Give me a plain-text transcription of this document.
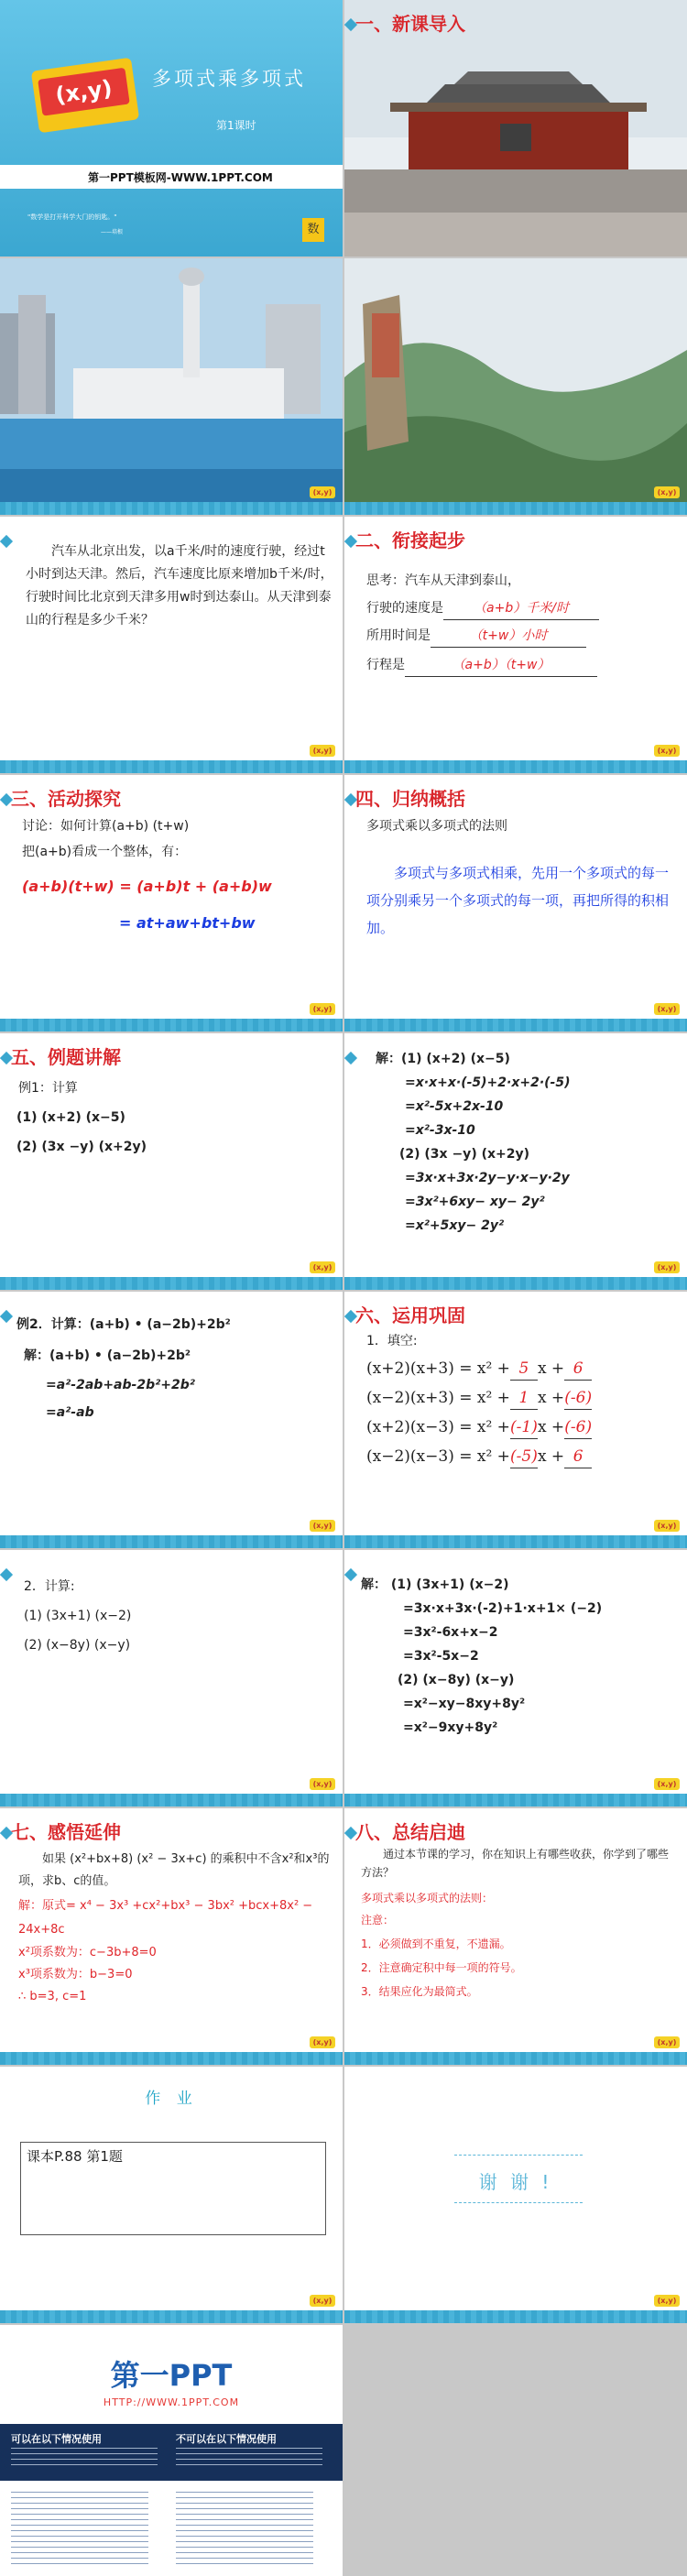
(x,y)	多项式乘多项式
第1课时
第一PPT模板网-WWW.1PPT.COM
"数学是打开科学大门的钥匙。"
——培根	数
一、新课导入
(x,y)	(x,y)
汽车从北京出发，以a千米/时的速度行驶，经过t小时到达天津。然后，汽车速度比原来增加b千米/时，行驶时间比北京到天津多用w时到达泰山。从天津到泰山的行程是多少千米？
(x,y)
二、衔接起步
思考：汽车从天津到泰山，
行驶的速度是 （a+b）千米/时
所用时间是	（t+w）小时
行程是	（a+b）（t+w）
(x,y)
三、活动探究
讨论：如何计算(a+b) (t+w)
把(a+b)看成一个整体，有：
(a+b)(t+w) = (a+b)t + (a+b)w
= at+aw+bt+bw
(x,y)
四、归纳概括
多项式乘以多项式的法则
多项式与多项式相乘，先用一个多项式的每一项分别乘另一个多项式的每一项，再把所得的积相加。
(x,y)
五、例题讲解
例1：计算
(1) (x+2) (x−5)
(2) (3x −y) (x+2y)
(x,y)
解：(1) (x+2) (x−5)
=x·x+x·(-5)+2·x+2·(-5)
=x²-5x+2x-10
=x²-3x-10
(2) (3x −y) (x+2y)
=3x·x+3x·2y−y·x−y·2y
=3x²+6xy− xy− 2y²
=x²+5xy− 2y²
(x,y)
例2．计算：(a+b) • (a−2b)+2b²
解：(a+b) • (a−2b)+2b²
=a²-2ab+ab-2b²+2b²
=a²-ab
(x,y)
六、运用巩固
1．填空:
(x+2)(x+3) = x² + 5 x + 6
(x−2)(x+3) = x² + 1 x +(-6)
(x+2)(x−3) = x² +(-1)x +(-6)
(x−2)(x−3) = x² +(-5)x + 6
(x,y)
2．计算:
(1) (3x+1) (x−2)
(2) (x−8y) (x−y)
(x,y)
解： (1) (3x+1) (x−2)
=3x·x+3x·(-2)+1·x+1× (−2)
=3x²-6x+x−2
=3x²-5x−2
(2) (x−8y) (x−y)
=x²−xy−8xy+8y²
=x²−9xy+8y²
(x,y)
七、感悟延伸
如果 (x²+bx+8) (x² − 3x+c) 的乘积中不含x²和x³的项，求b、c的值。
解：原式= x⁴ − 3x³ +cx²+bx³ − 3bx² +bcx+8x² − 24x+8c
x²项系数为：c−3b+8=0
x³项系数为：b−3=0
∴ b=3, c=1
(x,y)
八、总结启迪
通过本节课的学习，你在知识上有哪些收获，你学到了哪些方法？
多项式乘以多项式的法则：
注意：
1．必须做到不重复，不遗漏。
2．注意确定积中每一项的符号。
3．结果应化为最简式。
(x,y)
作 业
课本P.88 第1题
(x,y)
谢 谢 !
(x,y)
第一PPT
HTTP://WWW.1PPT.COM
可以在以下情况使用	不可以在以下情况使用
